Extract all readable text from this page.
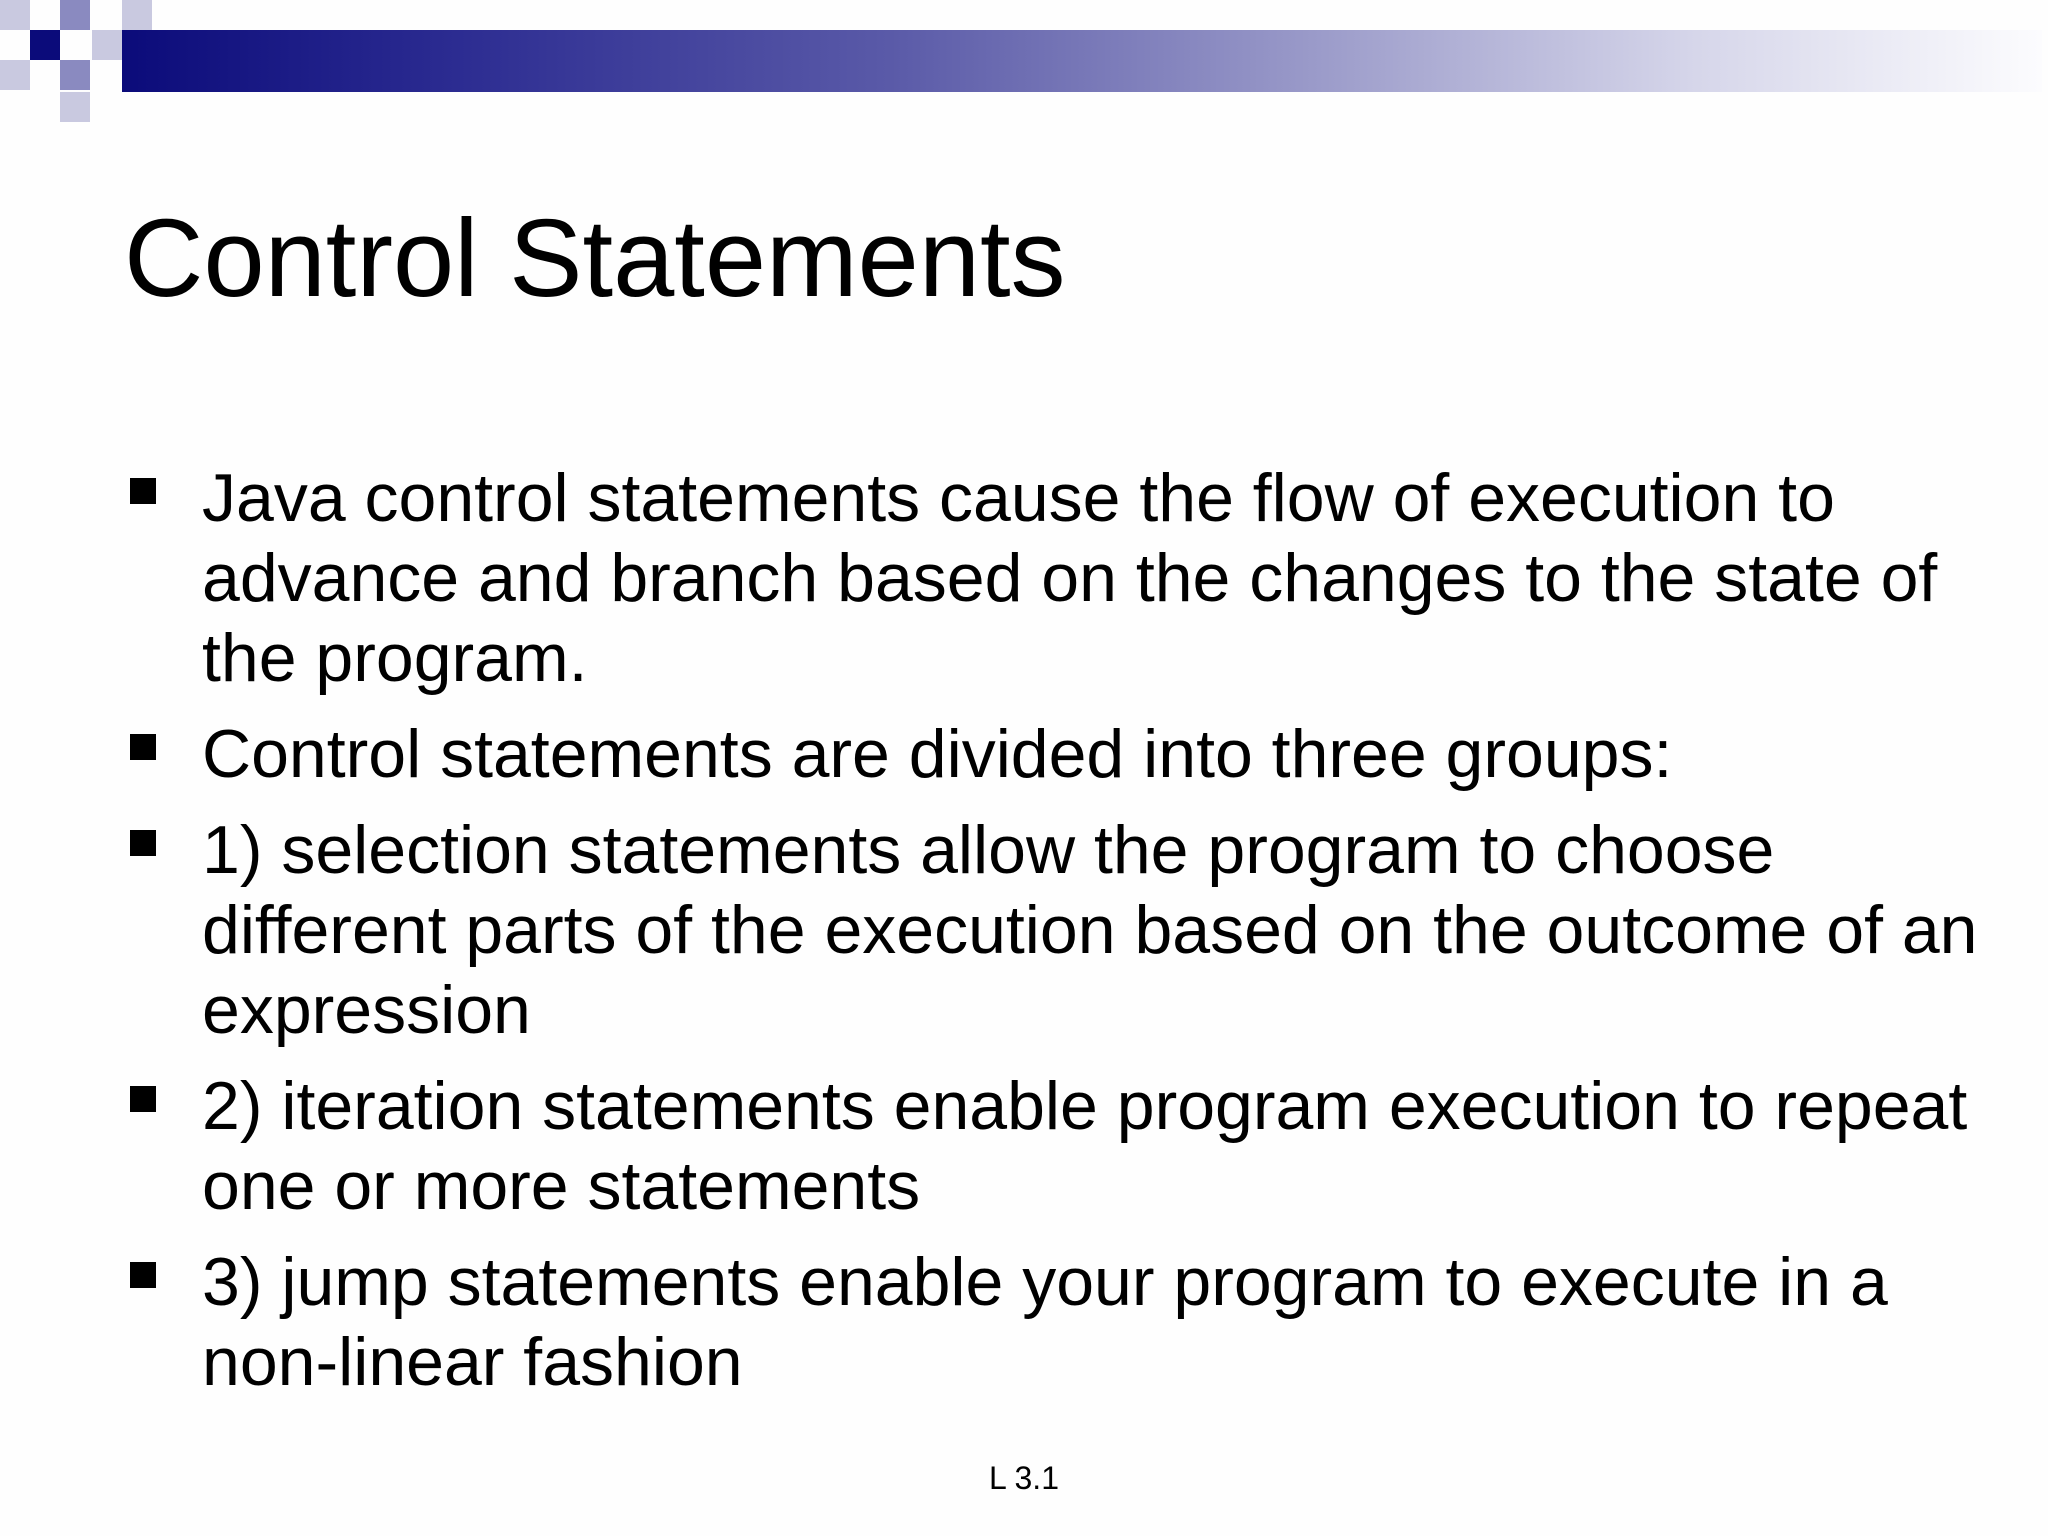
Control Statements
Java control statements cause the flow of execution to advance and branch based on the changes to the state of the program.
Control statements are divided into three groups:
1) selection statements allow the program to choose different parts of the execution based on the outcome of an expression
2) iteration statements enable program execution to repeat one or more statements
3) jump statements enable your program to execute in a non-linear fashion
L 3.1
